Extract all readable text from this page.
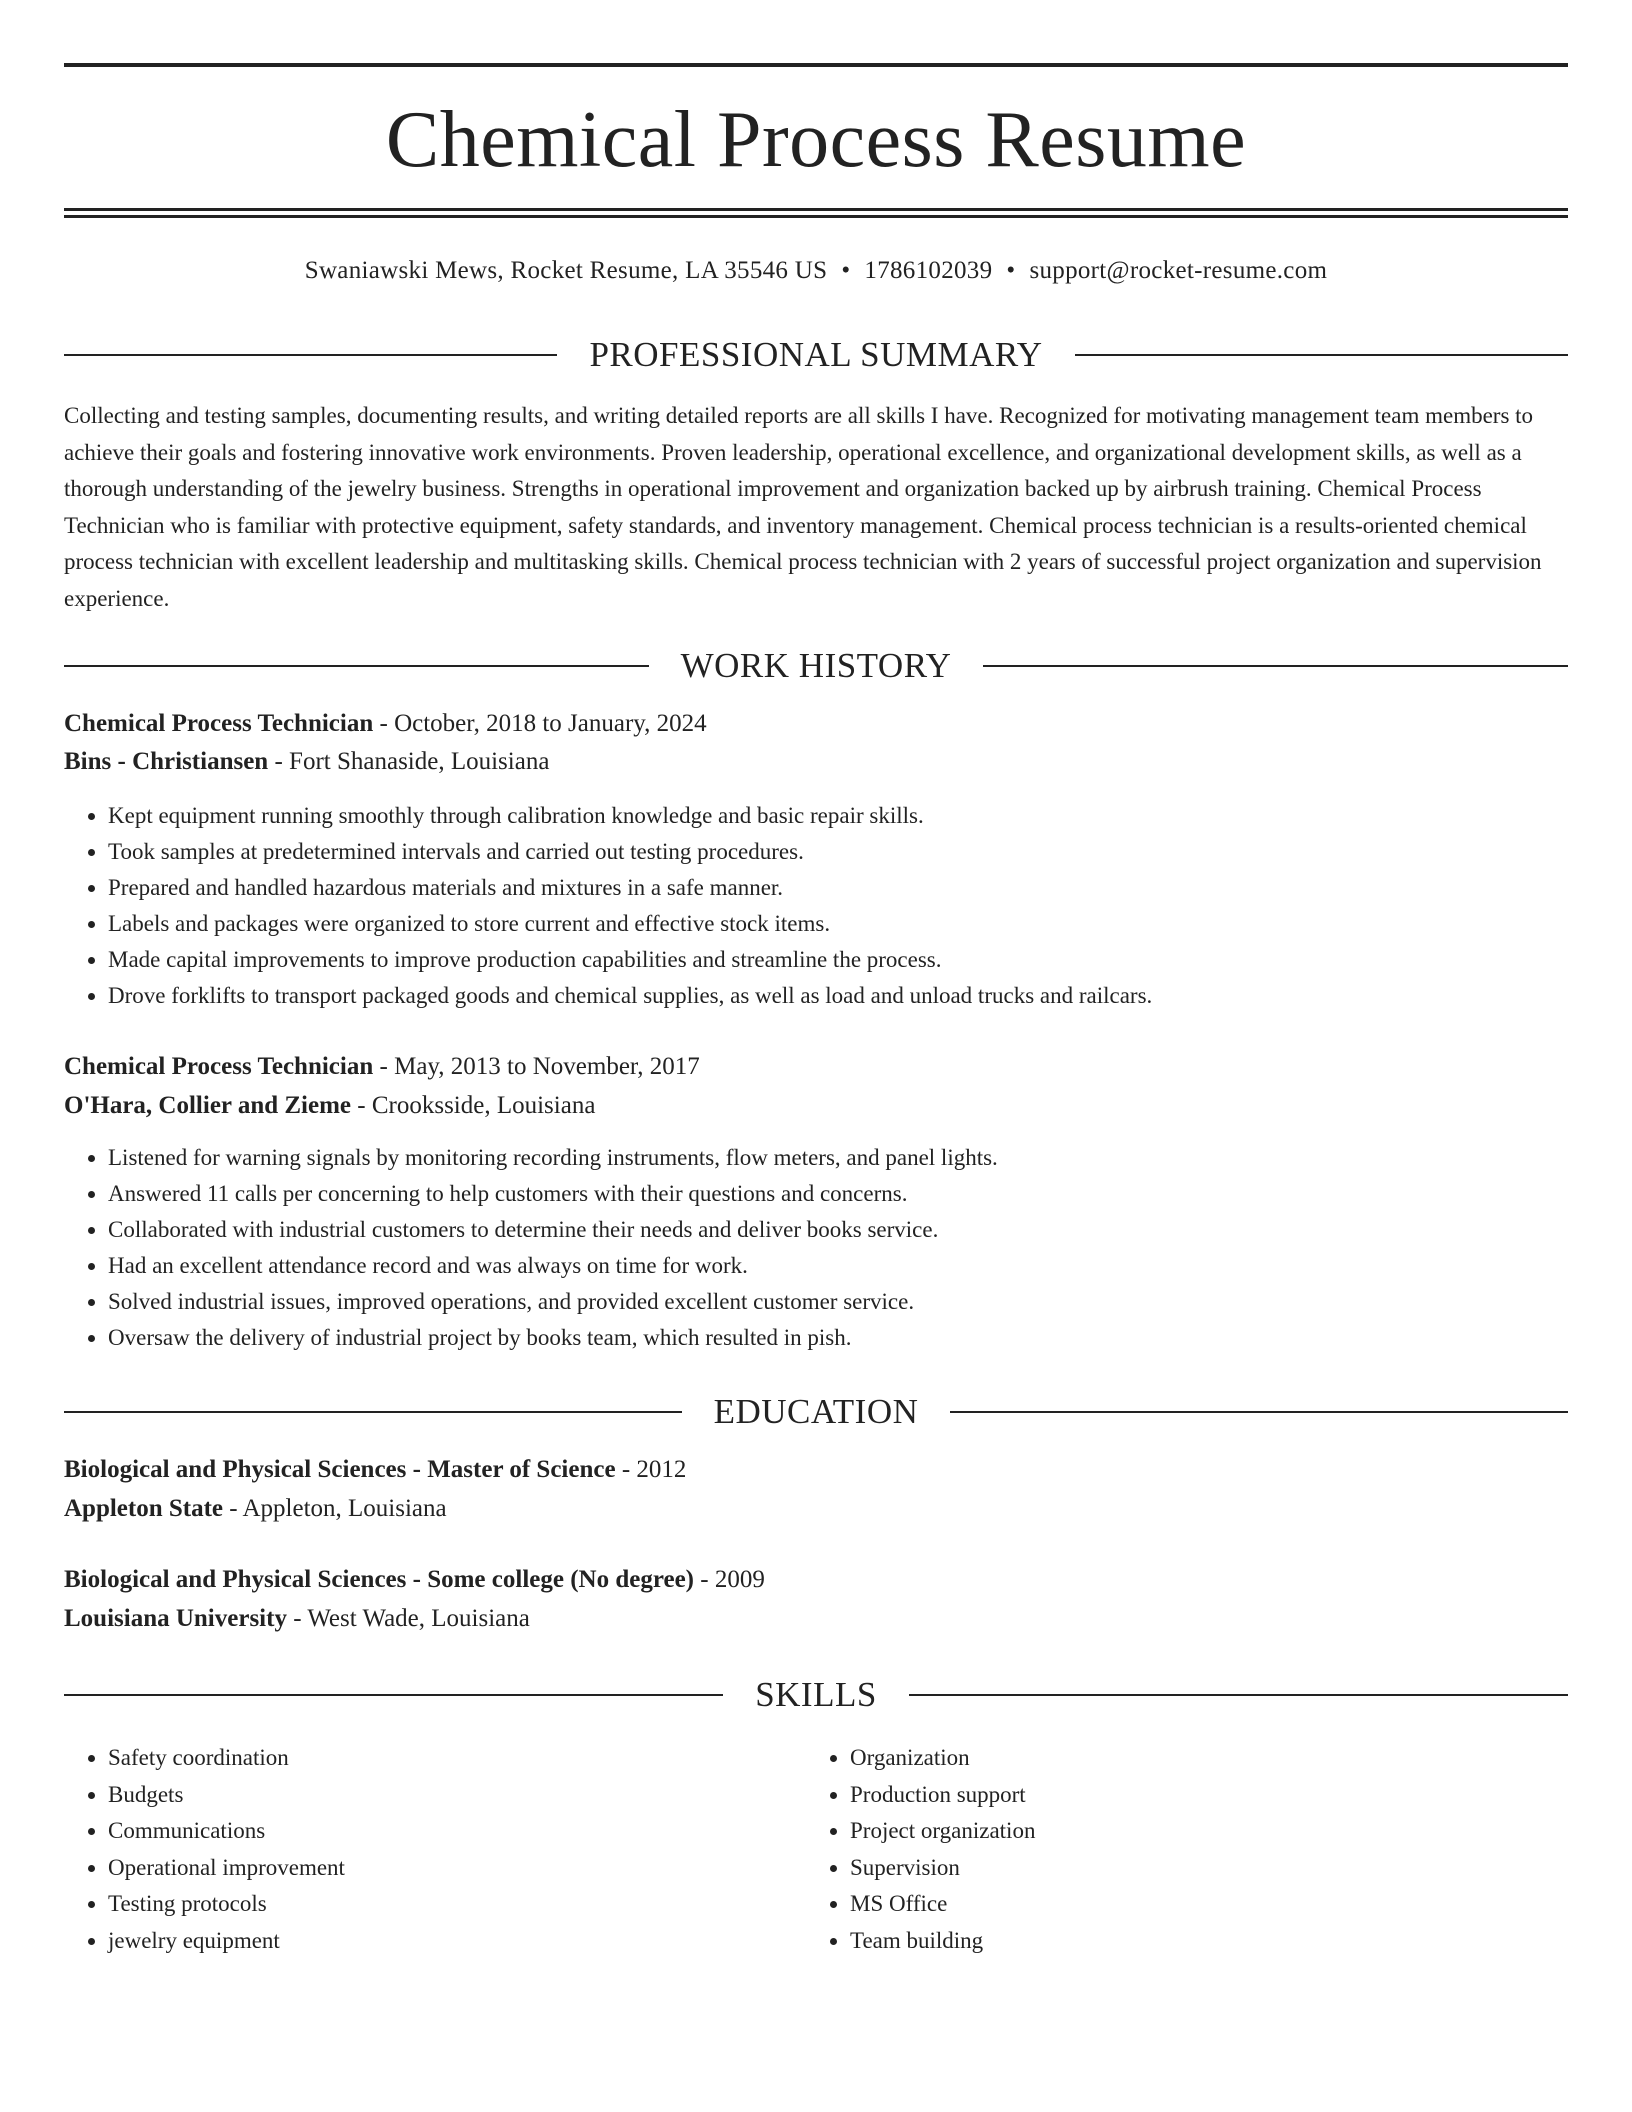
Chemical Process Resume
Swaniawski Mews, Rocket Resume, LA 35546 US • 1786102039 • support@rocket-resume.com
PROFESSIONAL SUMMARY

Collecting and testing samples, documenting results, and writing detailed reports are all skills I have. Recognized for motivating management team members to achieve their goals and fostering innovative work environments. Proven leadership, operational excellence, and organizational development skills, as well as a thorough understanding of the jewelry business. Strengths in operational improvement and organization backed up by airbrush training. Chemical Process Technician who is familiar with protective equipment, safety standards, and inventory management. Chemical process technician is a results-oriented chemical process technician with excellent leadership and multitasking skills. Chemical process technician with 2 years of successful project organization and supervision experience.

WORK HISTORY
Chemical Process Technician - October, 2018 to January, 2024
Bins - Christiansen - Fort Shanaside, Louisiana
• Kept equipment running smoothly through calibration knowledge and basic repair skills.
• Took samples at predetermined intervals and carried out testing procedures.
• Prepared and handled hazardous materials and mixtures in a safe manner.
• Labels and packages were organized to store current and effective stock items.
• Made capital improvements to improve production capabilities and streamline the process.
• Drove forklifts to transport packaged goods and chemical supplies, as well as load and unload trucks and railcars.
Chemical Process Technician - May, 2013 to November, 2017
O'Hara, Collier and Zieme - Crooksside, Louisiana
• Listened for warning signals by monitoring recording instruments, flow meters, and panel lights.
• Answered 11 calls per concerning to help customers with their questions and concerns.
• Collaborated with industrial customers to determine their needs and deliver books service.
• Had an excellent attendance record and was always on time for work.
• Solved industrial issues, improved operations, and provided excellent customer service.
• Oversaw the delivery of industrial project by books team, which resulted in pish.
EDUCATION
Biological and Physical Sciences - Master of Science - 2012
Appleton State - Appleton, Louisiana
Biological and Physical Sciences - Some college (No degree) - 2009
Louisiana University - West Wade, Louisiana
SKILLS
• Safety coordination
• Budgets
• Communications
• Operational improvement
• Testing protocols
• jewelry equipment
• Organization
• Production support
• Project organization
• Supervision
• MS Office
• Team building
